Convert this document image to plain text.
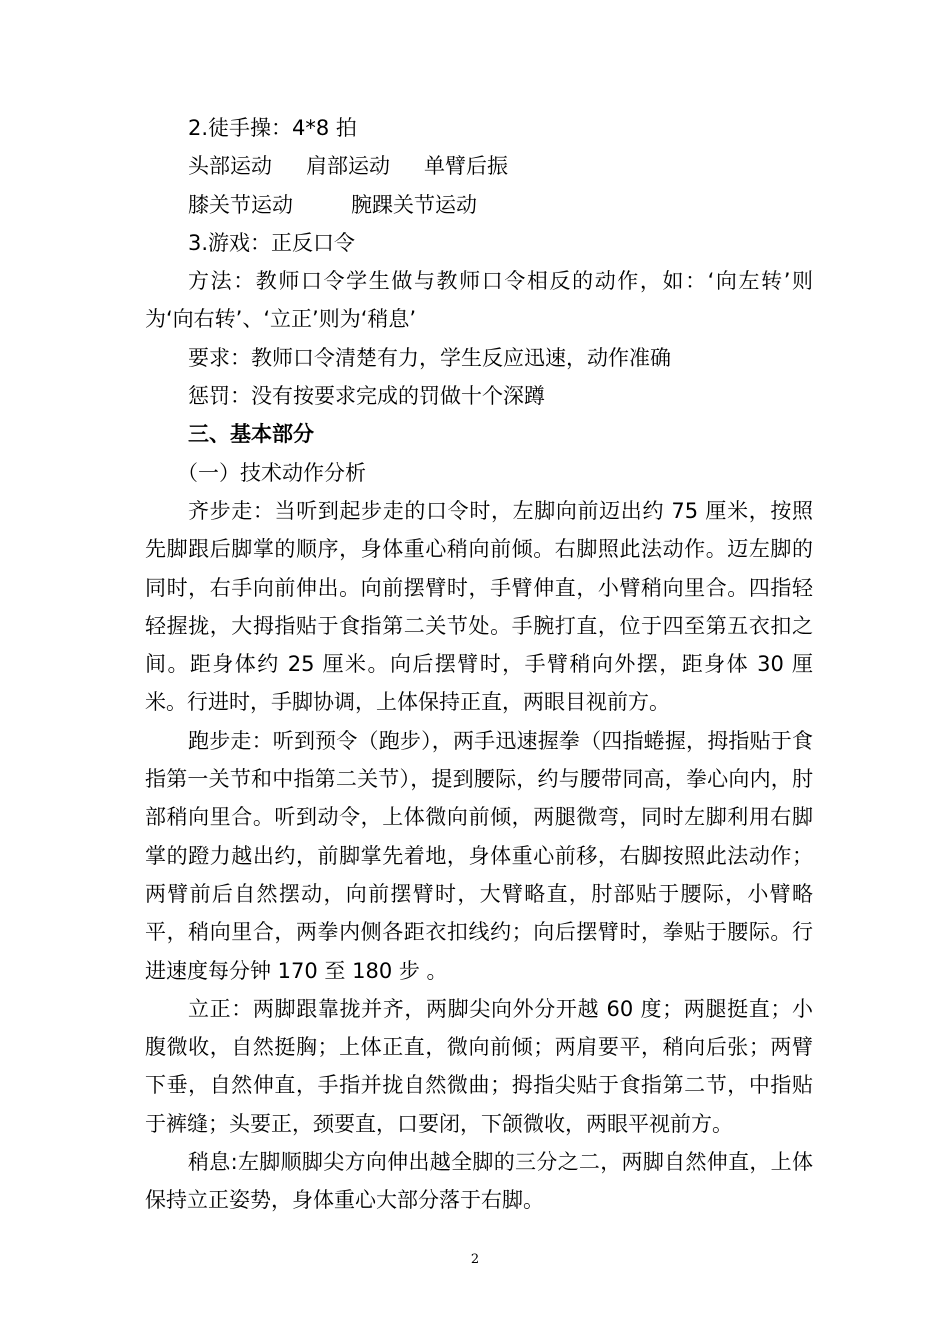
2.徒手操：4*8 拍
头部运动 肩部运动 单臂后振
膝关节运动	腕踝关节运动
3.游戏：正反口令

方法：教师口令学生做与教师口令相反的动作，如：‘向左转’则为‘向右转’、‘立正’则为‘稍息’

要求：教师口令清楚有力，学生反应迅速，动作准确
惩罚：没有按要求完成的罚做十个深蹲
三、基本部分
（一）技术动作分析

齐步走：当听到起步走的口令时，左脚向前迈出约 75 厘米，按照先脚跟后脚掌的顺序，身体重心稍向前倾。右脚照此法动作。迈左脚的同时，右手向前伸出。向前摆臂时，手臂伸直，小臂稍向里合。四指轻轻握拢，大拇指贴于食指第二关节处。手腕打直，位于四至第五衣扣之间。距身体约 25 厘米。向后摆臂时，手臂稍向外摆，距身体 30 厘米。行进时，手脚协调，上体保持正直，两眼目视前方。

跑步走：听到预令（跑步），两手迅速握拳（四指蜷握，拇指贴于食指第一关节和中指第二关节），提到腰际，约与腰带同高，拳心向内，肘部稍向里合。听到动令，上体微向前倾，两腿微弯，同时左脚利用右脚掌的蹬力越出约，前脚掌先着地，身体重心前移，右脚按照此法动作；两臂前后自然摆动，向前摆臂时，大臂略直，肘部贴于腰际，小臂略平，稍向里合，两拳内侧各距衣扣线约；向后摆臂时，拳贴于腰际。行进速度每分钟 170 至 180 步 。

立正：两脚跟靠拢并齐，两脚尖向外分开越 60 度；两腿挺直；小腹微收，自然挺胸；上体正直，微向前倾；两肩要平，稍向后张；两臂下垂，自然伸直，手指并拢自然微曲；拇指尖贴于食指第二节，中指贴于裤缝；头要正，颈要直，口要闭，下颌微收，两眼平视前方。

稍息:左脚顺脚尖方向伸出越全脚的三分之二，两脚自然伸直，上体保持立正姿势，身体重心大部分落于右脚。

2
